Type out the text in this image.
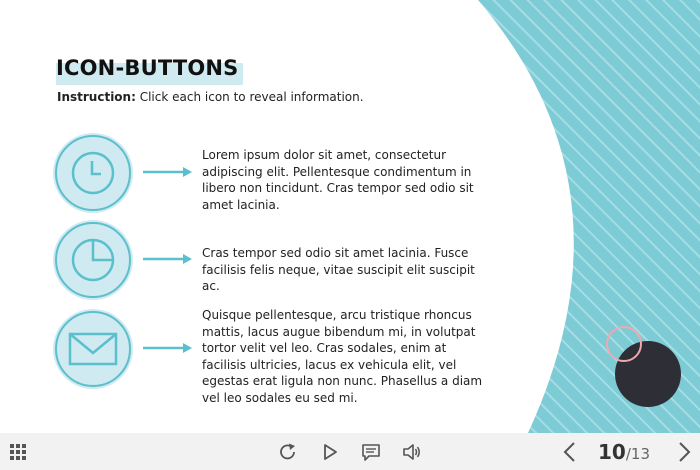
ICON-BUTTONS
Instruction: Click each icon to reveal information.
Lorem ipsum dolor sit amet, consectetur adipiscing elit. Pellentesque condimentum in libero non tincidunt. Cras tempor sed odio sit amet lacinia.
Cras tempor sed odio sit amet lacinia. Fusce facilisis felis neque, vitae suscipit elit suscipit ac.
Quisque pellentesque, arcu tristique rhoncus mattis, lacus augue bibendum mi, in volutpat tortor velit vel leo. Cras sodales, enim at facilisis ultricies, lacus ex vehicula elit, vel egestas erat ligula non nunc. Phasellus a diam vel leo sodales eu sed mi.
10/13
